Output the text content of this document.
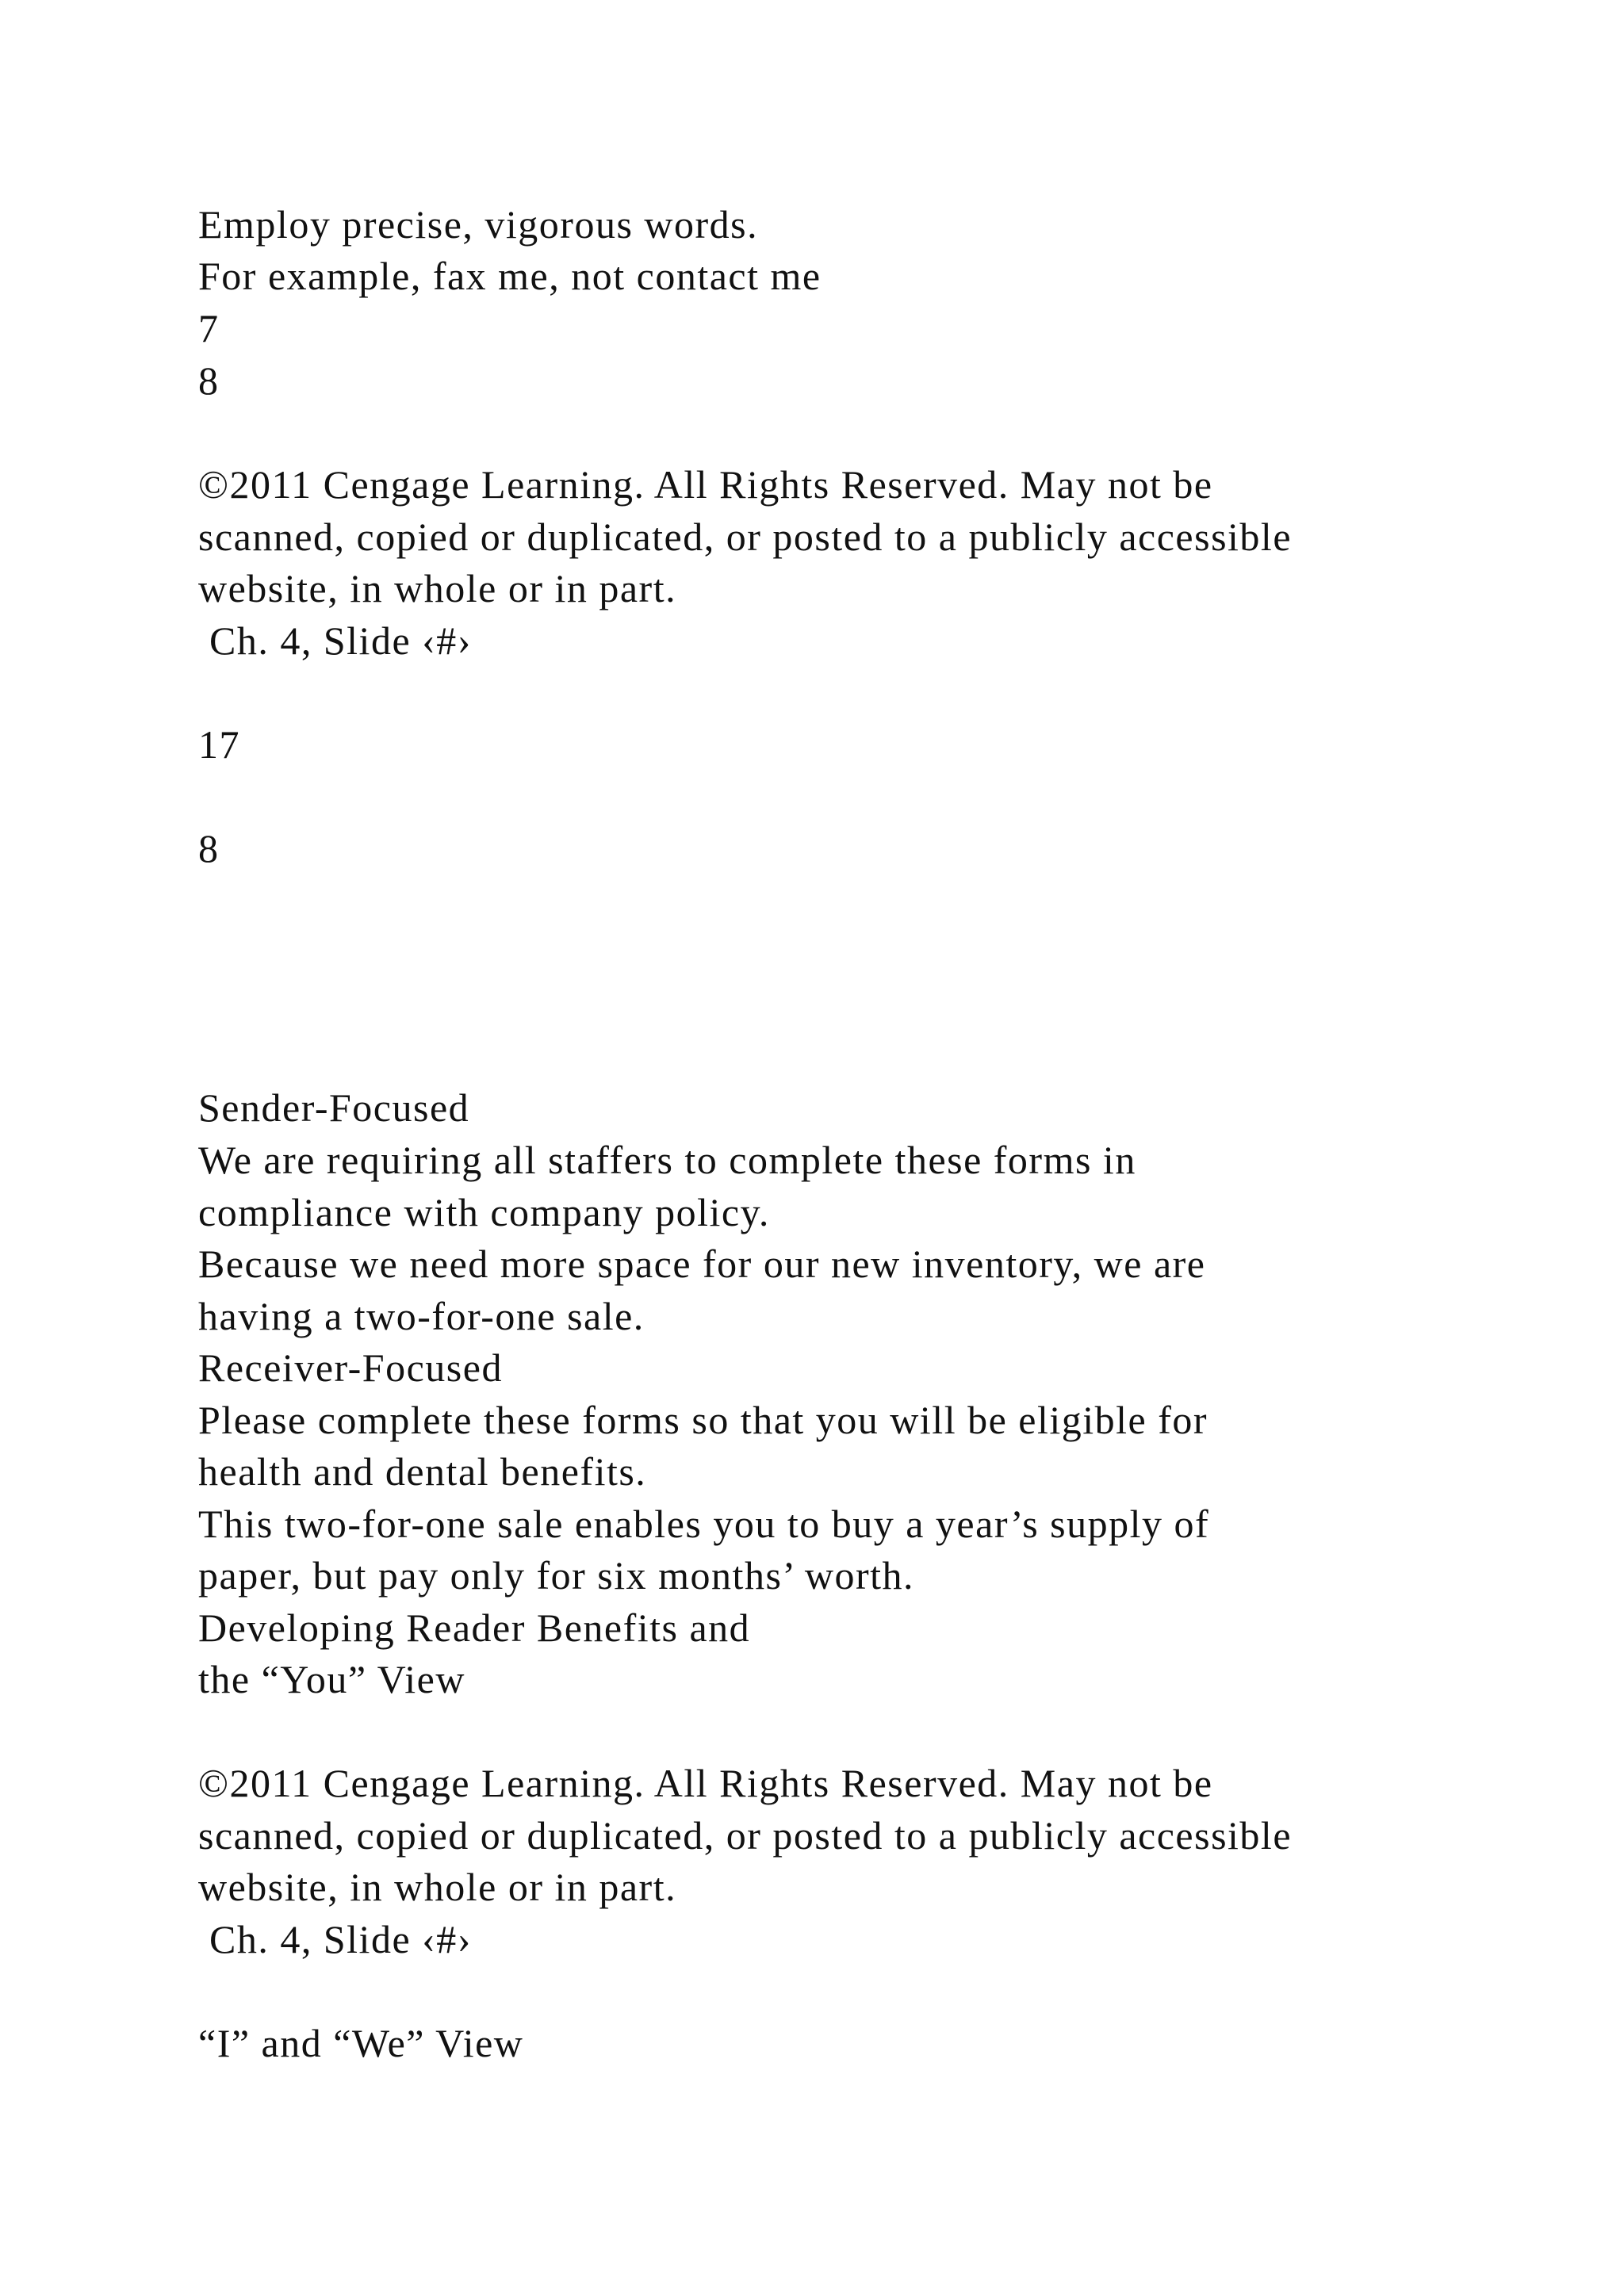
Employ precise, vigorous words.

For example, fax me, not contact me

7

8

©2011 Cengage Learning. All Rights Reserved. May not be

scanned, copied or duplicated, or posted to a publicly accessible

website, in whole or in part.

Ch. 4, Slide ‹#›

17

8

Sender-Focused

We are requiring all staffers to complete these forms in

compliance with company policy.

Because we need more space for our new inventory, we are

having a two-for-one sale.

Receiver-Focused

Please complete these forms so that you will be eligible for

health and dental benefits.

This two-for-one sale enables you to buy a year’s supply of

paper, but pay only for six months’ worth.

Developing Reader Benefits and

the “You” View

©2011 Cengage Learning. All Rights Reserved. May not be

scanned, copied or duplicated, or posted to a publicly accessible

website, in whole or in part.

Ch. 4, Slide ‹#›

“I” and “We” View
